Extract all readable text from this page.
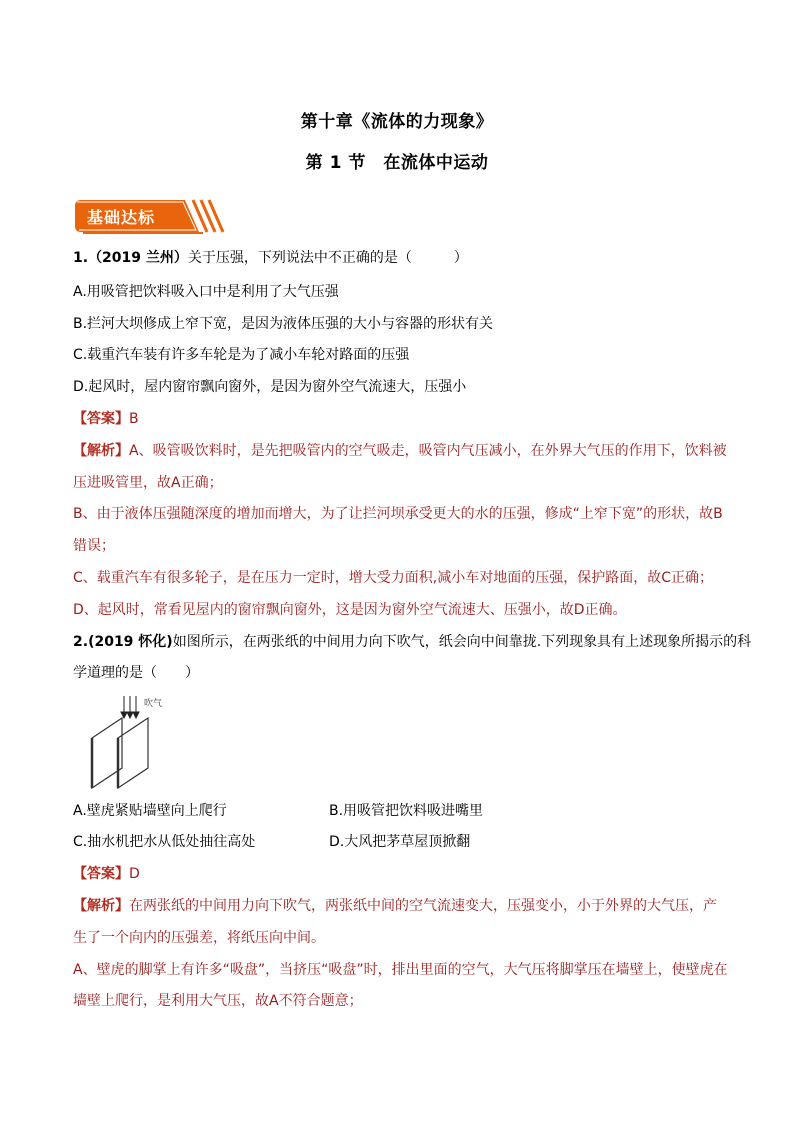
第十章《流体的力现象》
第 1 节　在流体中运动
基础达标
1.（2019 兰州）关于压强，下列说法中不正确的是（　　　）
A.用吸管把饮料吸入口中是利用了大气压强
B.拦河大坝修成上窄下宽，是因为液体压强的大小与容器的形状有关
C.载重汽车装有许多车轮是为了减小车轮对路面的压强
D.起风时，屋内窗帘飘向窗外，是因为窗外空气流速大，压强小
【答案】B
【解析】A、吸管吸饮料时，是先把吸管内的空气吸走，吸管内气压减小，在外界大气压的作用下，饮料被
压进吸管里，故A正确；
B、由于液体压强随深度的增加而增大，为了让拦河坝承受更大的水的压强，修成“上窄下宽”的形状，故B
错误；
C、载重汽车有很多轮子，是在压力一定时，增大受力面积,减小车对地面的压强，保护路面，故C正确；
D、起风时，常看见屋内的窗帘飘向窗外，这是因为窗外空气流速大、压强小，故D正确。
2.(2019 怀化)如图所示，在两张纸的中间用力向下吹气，纸会向中间靠拢.下列现象具有上述现象所揭示的科
学道理的是（　　）
吹气
A.壁虎紧贴墙壁向上爬行	B.用吸管把饮料吸进嘴里
C.抽水机把水从低处抽往高处	D.大风把茅草屋顶掀翻
【答案】D
【解析】在两张纸的中间用力向下吹气，两张纸中间的空气流速变大，压强变小，小于外界的大气压，产
生了一个向内的压强差，将纸压向中间。
A、壁虎的脚掌上有许多“吸盘”，当挤压“吸盘”时，排出里面的空气，大气压将脚掌压在墙壁上，使壁虎在
墙壁上爬行，是利用大气压，故A不符合题意；
